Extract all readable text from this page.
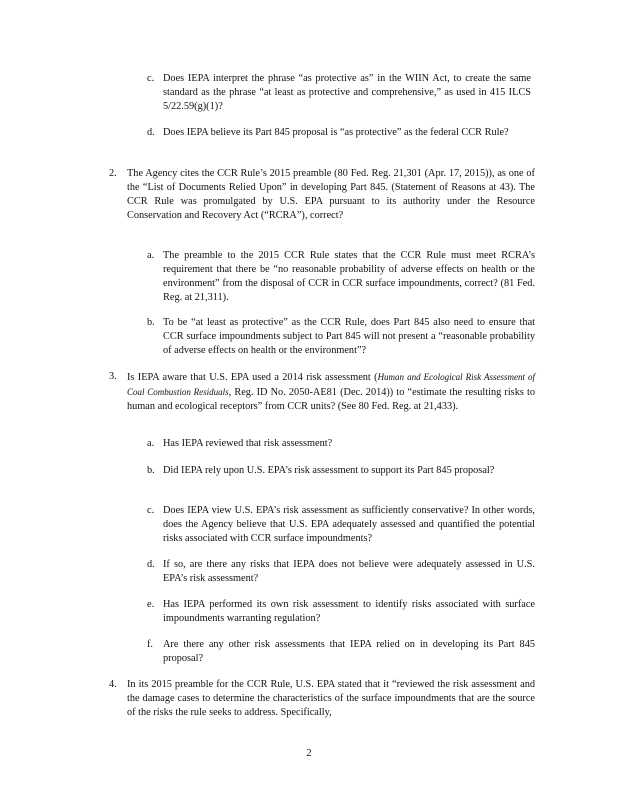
c. Does IEPA interpret the phrase “as protective as” in the WIIN Act, to create the same standard as the phrase “at least as protective and comprehensive,” as used in 415 ILCS 5/22.59(g)(1)?
d. Does IEPA believe its Part 845 proposal is “as protective” as the federal CCR Rule?
2. The Agency cites the CCR Rule’s 2015 preamble (80 Fed. Reg. 21,301 (Apr. 17, 2015)), as one of the “List of Documents Relied Upon” in developing Part 845. (Statement of Reasons at 43). The CCR Rule was promulgated by U.S. EPA pursuant to its authority under the Resource Conservation and Recovery Act (“RCRA”), correct?
a. The preamble to the 2015 CCR Rule states that the CCR Rule must meet RCRA’s requirement that there be “no reasonable probability of adverse effects on health or the environment” from the disposal of CCR in CCR surface impoundments, correct? (81 Fed. Reg. at 21,311).
b. To be “at least as protective” as the CCR Rule, does Part 845 also need to ensure that CCR surface impoundments subject to Part 845 will not present a “reasonable probability of adverse effects on health or the environment”?
3. Is IEPA aware that U.S. EPA used a 2014 risk assessment (Human and Ecological Risk Assessment of Coal Combustion Residuals, Reg. ID No. 2050-AE81 (Dec. 2014)) to “estimate the resulting risks to human and ecological receptors” from CCR units? (See 80 Fed. Reg. at 21,433).
a. Has IEPA reviewed that risk assessment?
b. Did IEPA rely upon U.S. EPA’s risk assessment to support its Part 845 proposal?
c. Does IEPA view U.S. EPA’s risk assessment as sufficiently conservative? In other words, does the Agency believe that U.S. EPA adequately assessed and quantified the potential risks associated with CCR surface impoundments?
d. If so, are there any risks that IEPA does not believe were adequately assessed in U.S. EPA’s risk assessment?
e. Has IEPA performed its own risk assessment to identify risks associated with surface impoundments warranting regulation?
f. Are there any other risk assessments that IEPA relied on in developing its Part 845 proposal?
4. In its 2015 preamble for the CCR Rule, U.S. EPA stated that it “reviewed the risk assessment and the damage cases to determine the characteristics of the surface impoundments that are the source of the risks the rule seeks to address. Specifically,
2
